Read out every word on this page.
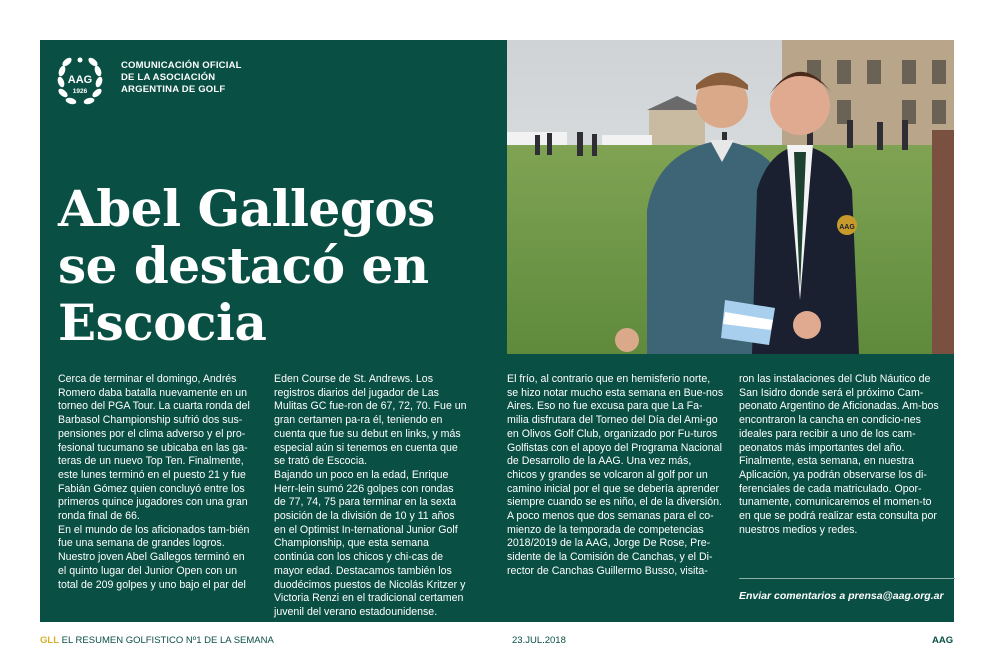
AAG
1926
COMUNICACIÓN OFICIAL
DE LA ASOCIACIÓN
ARGENTINA DE GOLF
Abel Gallegos
se destacó en
Escocia
AAG

Cerca de terminar el domingo, Andrés Romero daba batalla nuevamente en un torneo del PGA Tour. La cuarta ronda del Barbasol Championship sufrió dos sus-pensiones por el clima adverso y el pro-fesional tucumano se ubicaba en las ga-teras de un nuevo Top Ten. Finalmente, este lunes terminó en el puesto 21 y fue Fabián Gómez quien concluyó entre los primeros quince jugadores con una gran ronda final de 66.

En el mundo de los aficionados tam-bién fue una semana de grandes logros. Nuestro joven Abel Gallegos terminó en el quinto lugar del Junior Open con un total de 209 golpes y uno bajo el par del

Eden Course de St. Andrews. Los registros diarios del jugador de Las Mulitas GC fue-ron de 67, 72, 70. Fue un gran certamen pa-ra él, teniendo en cuenta que fue su debut en links, y más especial aún si tenemos en cuenta que se trató de Escocia.

Bajando un poco en la edad, Enrique Herr-lein sumó 226 golpes con rondas de 77, 74, 75 para terminar en la sexta posición de la división de 10 y 11 años en el Optimist In-ternational Junior Golf Championship, que esta semana continúa con los chicos y chi-cas de mayor edad. Destacamos también los duodécimos puestos de Nicolás Kritzer y Victoria Renzi en el tradicional certamen juvenil del verano estadounidense.

El frío, al contrario que en hemisferio norte, se hizo notar mucho esta semana en Bue-nos Aires. Eso no fue excusa para que La Fa-milia disfrutara del Torneo del Día del Ami-go en Olivos Golf Club, organizado por Fu-turos Golfistas con el apoyo del Programa Nacional de Desarrollo de la AAG. Una vez más, chicos y grandes se volcaron al golf por un camino inicial por el que se debería aprender siempre cuando se es niño, el de la diversión.

A poco menos que dos semanas para el co-mienzo de la temporada de competencias 2018/2019 de la AAG, Jorge De Rose, Pre-sidente de la Comisión de Canchas, y el Di-rector de Canchas Guillermo Busso, visita-

ron las instalaciones del Club Náutico de San Isidro donde será el próximo Cam-peonato Argentino de Aficionadas. Am-bos encontraron la cancha en condicio-nes ideales para recibir a uno de los cam-peonatos más importantes del año. Finalmente, esta semana, en nuestra Aplicación, ya podrán observarse los di-ferenciales de cada matriculado. Opor-tunamente, comunicaremos el momen-to en que se podrá realizar esta consulta por nuestros medios y redes.

Enviar comentarios a prensa@aag.org.ar
GLL EL RESUMEN GOLFISTICO Nº1 DE LA SEMANA	23.JUL.2018	AAG
